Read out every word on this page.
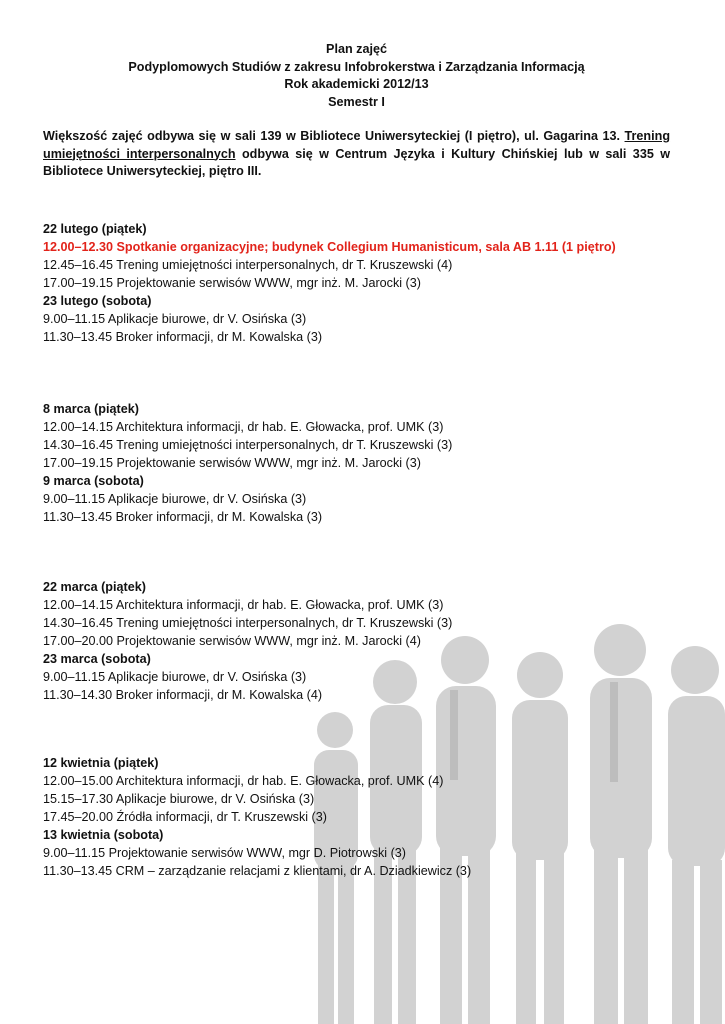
Plan zajęć
Podyplomowych Studiów z zakresu Infobrokerstwa i Zarządzania Informacją
Rok akademicki 2012/13
Semestr I
Większość zajęć odbywa się w sali 139 w Bibliotece Uniwersyteckiej (I piętro), ul. Gagarina 13. Trening umiejętności interpersonalnych odbywa się w Centrum Języka i Kultury Chińskiej lub w sali 335 w Bibliotece Uniwersyteckiej, piętro III.
22 lutego (piątek)
12.00–12.30 Spotkanie organizacyjne; budynek Collegium Humanisticum, sala AB 1.11 (1 piętro)
12.45–16.45 Trening umiejętności interpersonalnych, dr T. Kruszewski (4)
17.00–19.15 Projektowanie serwisów WWW, mgr inż. M. Jarocki (3)
23 lutego (sobota)
9.00–11.15 Aplikacje biurowe, dr V. Osińska (3)
11.30–13.45 Broker informacji, dr M. Kowalska (3)
8 marca (piątek)
12.00–14.15 Architektura informacji, dr hab. E. Głowacka, prof. UMK (3)
14.30–16.45 Trening umiejętności interpersonalnych, dr T. Kruszewski (3)
17.00–19.15 Projektowanie serwisów WWW, mgr inż. M. Jarocki (3)
9 marca (sobota)
9.00–11.15 Aplikacje biurowe, dr V. Osińska (3)
11.30–13.45 Broker informacji, dr M. Kowalska (3)
22 marca (piątek)
12.00–14.15 Architektura informacji, dr hab. E. Głowacka, prof. UMK (3)
14.30–16.45 Trening umiejętności interpersonalnych, dr T. Kruszewski (3)
17.00–20.00 Projektowanie serwisów WWW, mgr inż. M. Jarocki (4)
23 marca (sobota)
9.00–11.15 Aplikacje biurowe, dr V. Osińska (3)
11.30–14.30 Broker informacji, dr M. Kowalska (4)
12 kwietnia (piątek)
12.00–15.00 Architektura informacji, dr hab. E. Głowacka, prof. UMK (4)
15.15–17.30 Aplikacje biurowe, dr V. Osińska (3)
17.45–20.00 Źródła informacji, dr T. Kruszewski (3)
13 kwietnia (sobota)
9.00–11.15 Projektowanie serwisów WWW, mgr D. Piotrowski (3)
11.30–13.45 CRM – zarządzanie relacjami z klientami, dr A. Dziadkiewicz (3)
